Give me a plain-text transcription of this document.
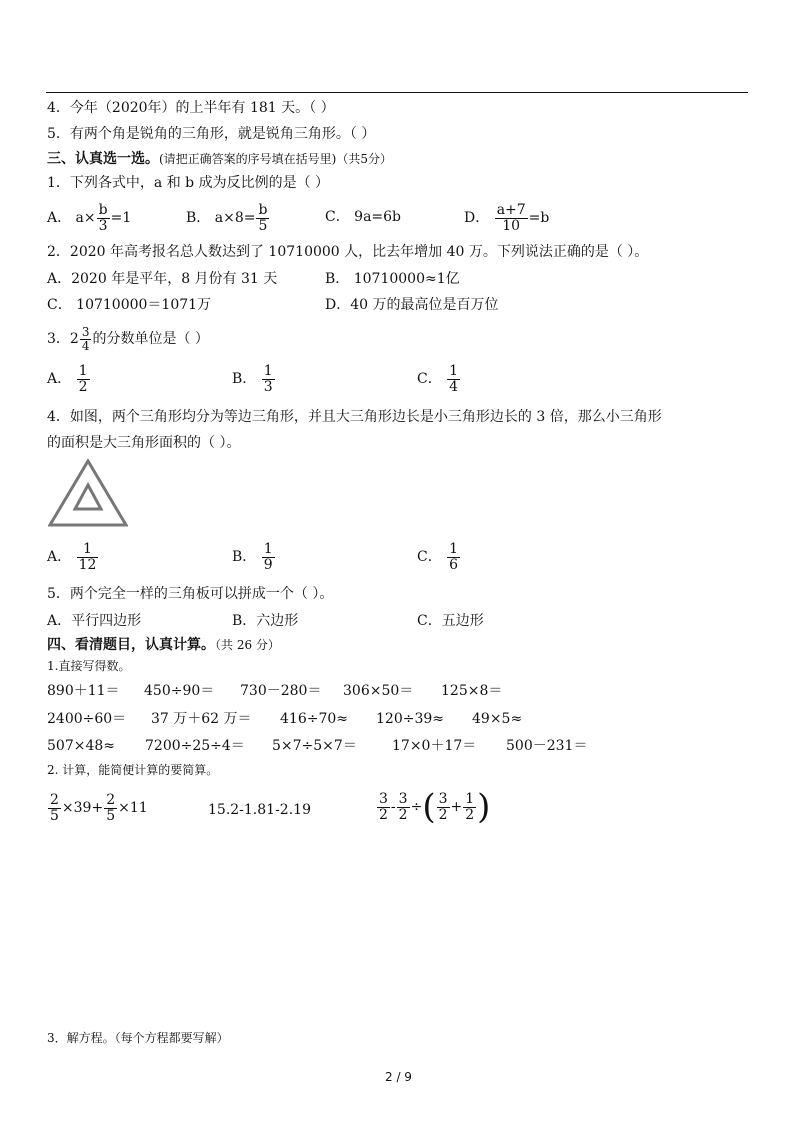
4．今年（2020年）的上半年有 181 天。（ ）
5．有两个角是锐角的三角形，就是锐角三角形。（ ）
三、认真选一选。(请把正确答案的序号填在括号里)（共5分）
1．下列各式中，a 和 b 成为反比例的是（ ）
A． $a\times \frac{b}{3} =1$	B． $a\times 8= \frac{b}{5}$	C． 9a=6b	D． $\frac{a+7}{10} =b$
2．2020 年高考报名总人数达到了 10710000 人，比去年增加 40 万。下列说法正确的是（ ）。
A．2020 年是平年，8 月份有 31 天	B． 10710000≈1亿
C． 10710000＝1071万	D．40 万的最高位是百万位
3．$2 \frac{3}{4}$ 的分数单位是（ ）
A． $\frac{1}{2}$	B． $\frac{1}{3}$	C． $\frac{1}{4}$
4．如图，两个三角形均分为等边三角形，并且大三角形边长是小三角形边长的 3 倍，那么小三角形
的面积是大三角形面积的（ ）。
A． $\frac{1}{12}$	B． $\frac{1}{9}$	C． $\frac{1}{6}$
5．两个完全一样的三角板可以拼成一个（ ）。
A．平行四边形	B．六边形	C．五边形
四、看清题目，认真计算。（共 26 分）
1.直接写得数。
890＋11＝ 450÷90＝ 730－280＝ 306×50＝ 125×8＝
2400÷60＝ 37 万＋62 万＝ 416÷70≈ 120÷39≈ 49×5≈
507×48≈ 7200÷25÷4＝ 5×7÷5×7＝	17×0＋17＝ 500－231＝
2. 计算，能简便计算的要简算。
$\frac{2}{5} \times 39+ \frac{2}{5} \times 11$	15.2-1.81-2.19	$\frac{3}{2} - \frac{3}{2}$ ÷( $\frac{3}{2} + \frac{1}{2}$ )
3．解方程。（每个方程都要写解）
2 / 9
